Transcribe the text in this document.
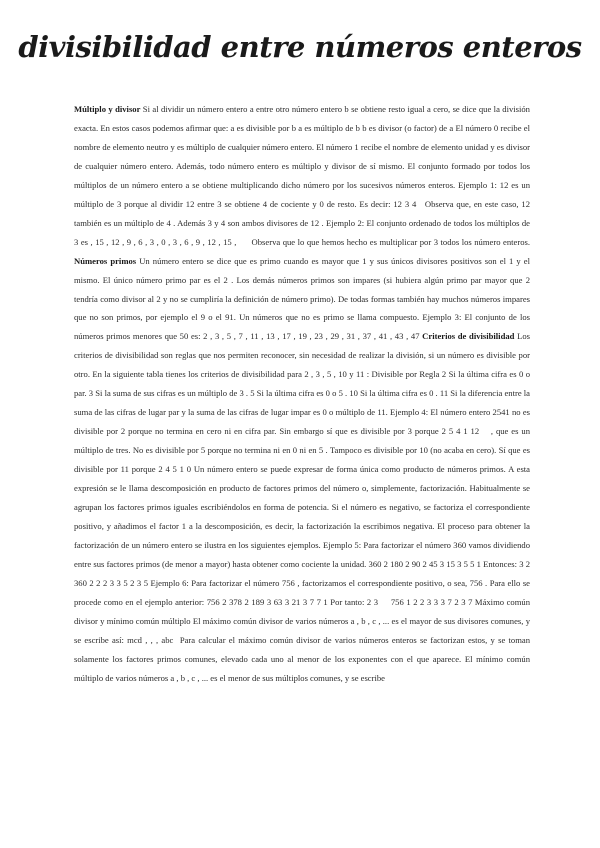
divisibilidad entre números enteros

Múltiplo y divisor Si al dividir un número entero a entre otro número entero b se obtiene resto igual a cero, se dice que la división exacta. En estos casos podemos afirmar que: a es divisible por b a es múltiplo de b b es divisor (o factor) de a El número 0 recibe el nombre de elemento neutro y es múltiplo de cualquier número entero. El número 1 recibe el nombre de elemento unidad y es divisor de cualquier número entero. Además, todo número entero es múltiplo y divisor de sí mismo. El conjunto formado por todos los múltiplos de un número entero a se obtiene multiplicando dicho número por los sucesivos números enteros. Ejemplo 1: 12 es un múltiplo de 3 porque al dividir 12 entre 3 se obtiene 4 de cociente y 0 de resto. Es decir: 12 3 4   Observa que, en este caso, 12 también es un múltiplo de 4 . Además 3 y 4 son ambos divisores de 12 . Ejemplo 2: El conjunto ordenado de todos los múltiplos de 3 es , 15 , 12 , 9 , 6 , 3 , 0 , 3 , 6 , 9 , 12 , 15 ,      Observa que lo que hemos hecho es multiplicar por 3 todos los número enteros. Números primos Un número entero se dice que es primo cuando es mayor que 1 y sus únicos divisores positivos son el 1 y el mismo. El único número primo par es el 2 . Los demás números primos son impares (si hubiera algún primo par mayor que 2 tendría como divisor al 2 y no se cumpliría la definición de número primo). De todas formas también hay muchos números impares que no son primos, por ejemplo el 9 o el 91. Un números que no es primo se llama compuesto. Ejemplo 3: El conjunto de los números primos menores que 50 es: 2 , 3 , 5 , 7 , 11 , 13 , 17 , 19 , 23 , 29 , 31 , 37 , 41 , 43 , 47 Criterios de divisibilidad Los criterios de divisibilidad son reglas que nos permiten reconocer, sin necesidad de realizar la división, si un número es divisible por otro. En la siguiente tabla tienes los criterios de divisibilidad para 2 , 3 , 5 , 10 y 11 : Divisible por Regla 2 Si la última cifra es 0 o par. 3 Si la suma de sus cifras es un múltiplo de 3 . 5 Si la última cifra es 0 o 5 . 10 Si la última cifra es 0 . 11 Si la diferencia entre la suma de las cifras de lugar par y la suma de las cifras de lugar impar es 0 o múltiplo de 11. Ejemplo 4: El número entero 2541 no es divisible por 2 porque no termina en cero ni en cifra par. Sin embargo sí que es divisible por 3 porque 2 5 4 1 12    , que es un múltiplo de tres. No es divisible por 5 porque no termina ni en 0 ni en 5 . Tampoco es divisible por 10 (no acaba en cero). Sí que es divisible por 11 porque 2 4 5 1 0 Un número entero se puede expresar de forma única como producto de números primos. A esta expresión se le llama descomposición en producto de factores primos del número o, simplemente, factorización. Habitualmente se agrupan los factores primos iguales escribiéndolos en forma de potencia. Si el número es negativo, se factoriza el correspondiente positivo, y añadimos el factor 1 a la descomposición, es decir, la factorización la escribimos negativa. El proceso para obtener la factorización de un número entero se ilustra en los siguientes ejemplos. Ejemplo 5: Para factorizar el número 360 vamos dividiendo entre sus factores primos (de menor a mayor) hasta obtener como cociente la unidad. 360 2 180 2 90 2 45 3 15 3 5 5 1 Entonces: 3 2 360 2 2 2 3 3 5 2 3 5 Ejemplo 6: Para factorizar el número 756 , factorizamos el correspondiente positivo, o sea, 756 . Para ello se procede como en el ejemplo anterior: 756 2 378 2 189 3 63 3 21 3 7 7 1 Por tanto: 2 3     756 1 2 2 3 3 3 7 2 3 7 Máximo común divisor y mínimo común múltiplo El máximo común divisor de varios números a , b , c , ... es el mayor de sus divisores comunes, y se escribe así: mcd , , , abc  Para calcular el máximo común divisor de varios números enteros se factorizan estos, y se toman solamente los factores primos comunes, elevado cada uno al menor de los exponentes con el que aparece. El mínimo común múltiplo de varios números a , b , c , ... es el menor de sus múltiplos comunes, y se escribe
